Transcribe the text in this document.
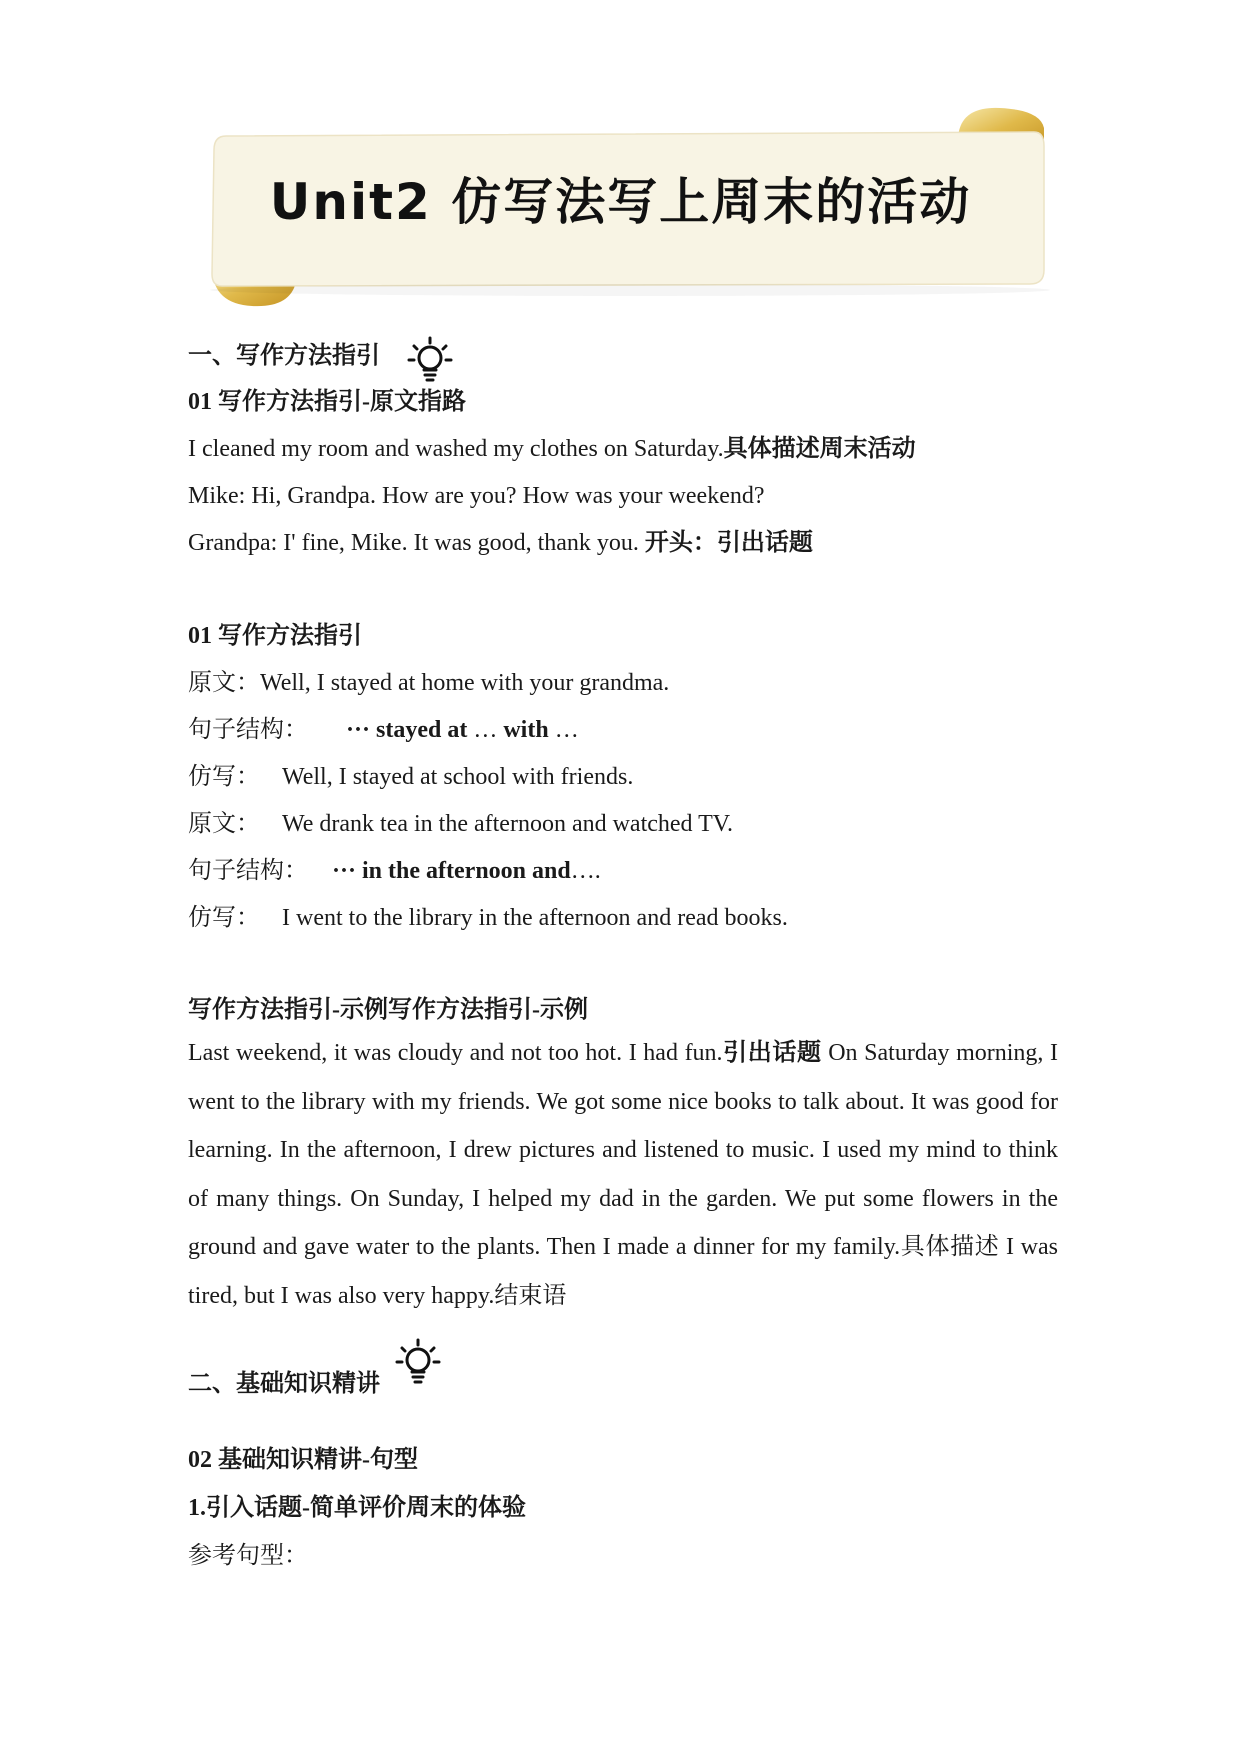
Unit2 仿写法写上周末的活动
一、写作方法指引
01 写作方法指引-原文指路
I cleaned my room and washed my clothes on Saturday.具体描述周末活动
Mike: Hi, Grandpa. How are you? How was your weekend?
Grandpa: I' fine, Mike. It was good, thank you. 开头：引出话题
01 写作方法指引
原文：Well, I stayed at home with your grandma.
句子结构： ··· stayed at … with …
仿写： Well, I stayed at school with friends.
原文： We drank tea in the afternoon and watched TV.
句子结构： ··· in the afternoon and….
仿写： I went to the library in the afternoon and read books.
写作方法指引-示例写作方法指引-示例
Last weekend, it was cloudy and not too hot. I had fun.引出话题 On Saturday morning, I went to the library with my friends. We got some nice books to talk about. It was good for learning. In the afternoon, I drew pictures and listened to music. I used my mind to think of many things. On Sunday, I helped my dad in the garden. We put some flowers in the ground and gave water to the plants. Then I made a dinner for my family.具体描述 I was tired, but I was also very happy.结束语
二、基础知识精讲
02 基础知识精讲-句型
1.引入话题-简单评价周末的体验
参考句型：
